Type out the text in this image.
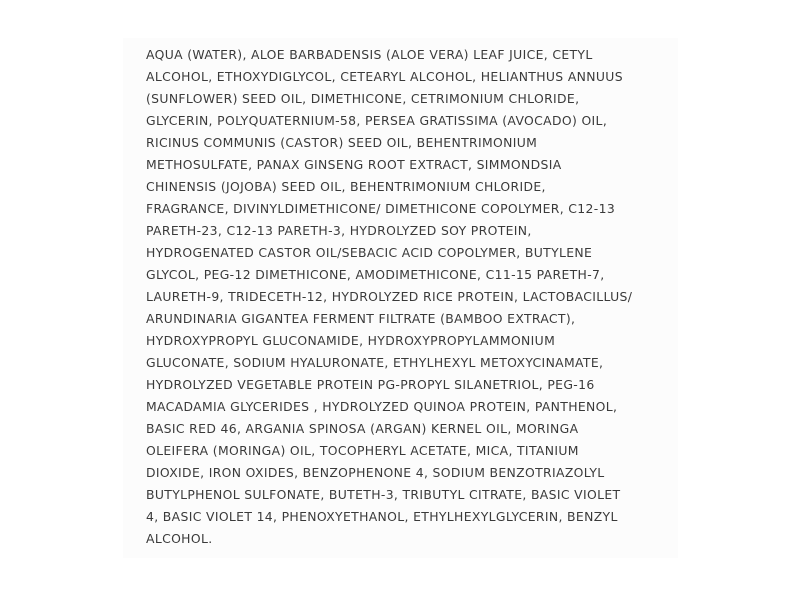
AQUA (WATER), ALOE BARBADENSIS (ALOE VERA) LEAF JUICE, CETYL
ALCOHOL, ETHOXYDIGLYCOL, CETEARYL ALCOHOL, HELIANTHUS ANNUUS
(SUNFLOWER) SEED OIL, DIMETHICONE, CETRIMONIUM CHLORIDE,
GLYCERIN, POLYQUATERNIUM-58, PERSEA GRATISSIMA (AVOCADO) OIL,
RICINUS COMMUNIS (CASTOR) SEED OIL, BEHENTRIMONIUM
METHOSULFATE, PANAX GINSENG ROOT EXTRACT, SIMMONDSIA
CHINENSIS (JOJOBA) SEED OIL, BEHENTRIMONIUM CHLORIDE,
FRAGRANCE, DIVINYLDIMETHICONE/ DIMETHICONE COPOLYMER, C12-13
PARETH-23, C12-13 PARETH-3, HYDROLYZED SOY PROTEIN,
HYDROGENATED CASTOR OIL/SEBACIC ACID COPOLYMER, BUTYLENE
GLYCOL, PEG-12 DIMETHICONE, AMODIMETHICONE, C11-15 PARETH-7,
LAURETH-9, TRIDECETH-12, HYDROLYZED RICE PROTEIN, LACTOBACILLUS/
ARUNDINARIA GIGANTEA FERMENT FILTRATE (BAMBOO EXTRACT),
HYDROXYPROPYL GLUCONAMIDE, HYDROXYPROPYLAMMONIUM
GLUCONATE, SODIUM HYALURONATE, ETHYLHEXYL METOXYCINAMATE,
HYDROLYZED VEGETABLE PROTEIN PG-PROPYL SILANETRIOL, PEG-16
MACADAMIA GLYCERIDES , HYDROLYZED QUINOA PROTEIN, PANTHENOL,
BASIC RED 46, ARGANIA SPINOSA (ARGAN) KERNEL OIL, MORINGA
OLEIFERA (MORINGA) OIL, TOCOPHERYL ACETATE, MICA, TITANIUM
DIOXIDE, IRON OXIDES, BENZOPHENONE 4, SODIUM BENZOTRIAZOLYL
BUTYLPHENOL SULFONATE, BUTETH-3, TRIBUTYL CITRATE, BASIC VIOLET
4, BASIC VIOLET 14, PHENOXYETHANOL, ETHYLHEXYLGLYCERIN, BENZYL
ALCOHOL.
